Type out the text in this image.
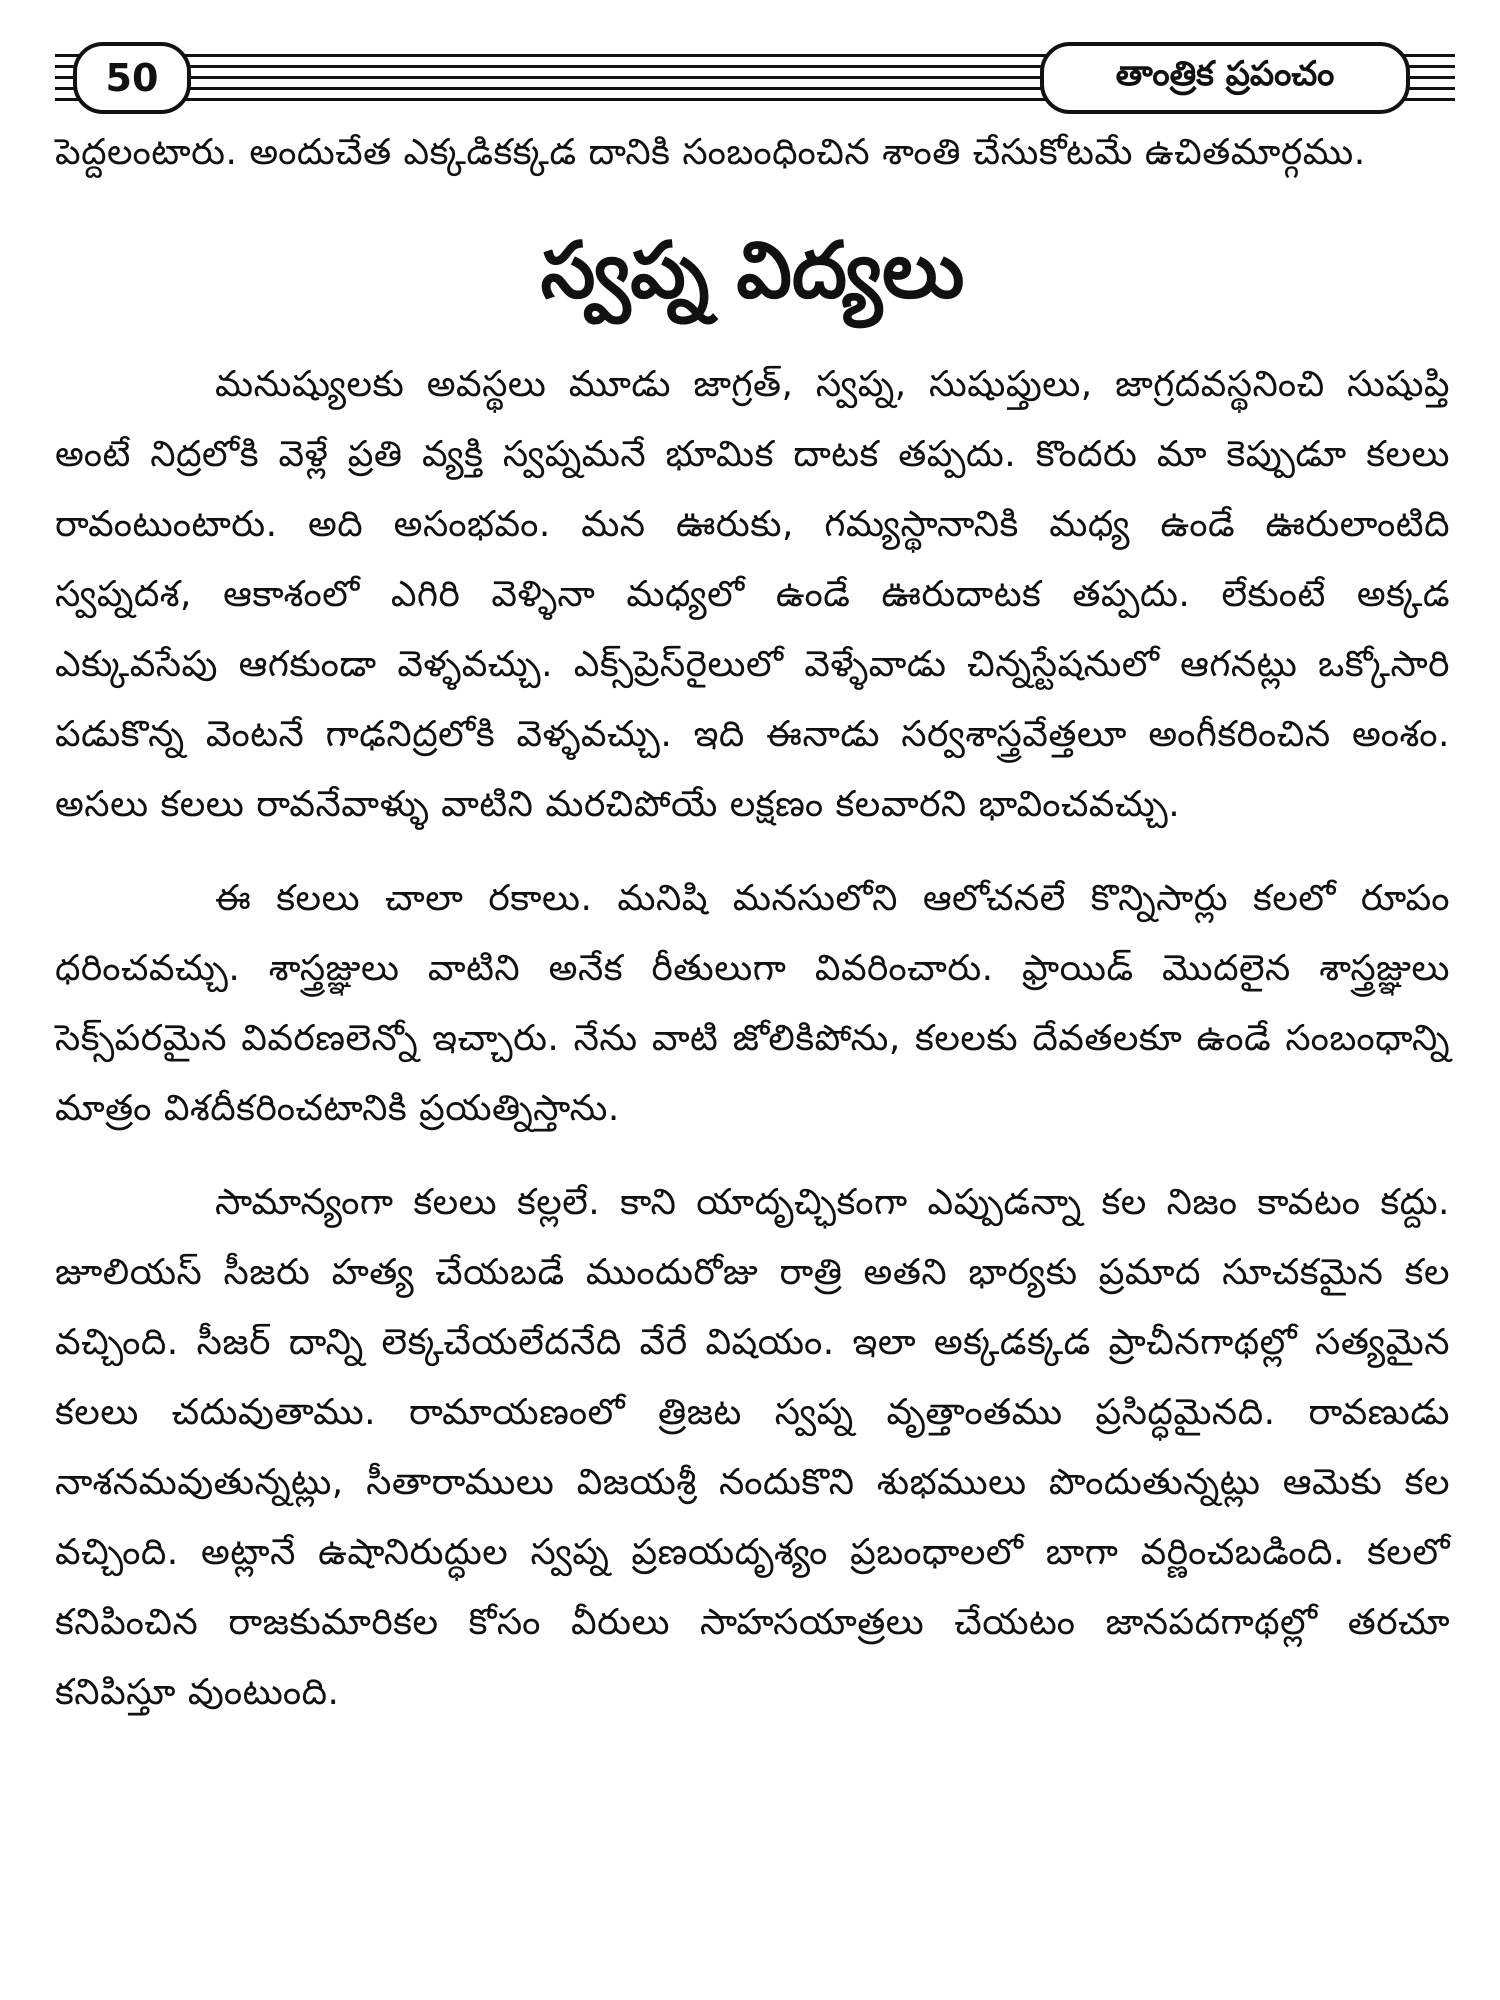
50	తాంత్రిక ప్రపంచం

పెద్దలంటారు. అందుచేత ఎక్కడికక్కడ దానికి సంబంధించిన శాంతి చేసుకోటమే ఉచితమార్గము.

స్వప్న విద్యలు

మనుష్యులకు అవస్థలు మూడు జాగ్రత్, స్వప్న, సుషుప్తులు, జాగ్రదవస్థనించి సుషుప్తి అంటే నిద్రలోకి వెళ్లే ప్రతి వ్యక్తి స్వప్నమనే భూమిక దాటక తప్పదు. కొందరు మా కెప్పుడూ కలలు రావంటుంటారు. అది అసంభవం. మన ఊరుకు, గమ్యస్థానానికి మధ్య ఉండే ఊరులాంటిది స్వప్నదశ, ఆకాశంలో ఎగిరి వెళ్ళినా మధ్యలో ఉండే ఊరుదాటక తప్పదు. లేకుంటే అక్కడ ఎక్కువసేపు ఆగకుండా వెళ్ళవచ్చు. ఎక్స్‌ప్రెస్‌రైలులో వెళ్ళేవాడు చిన్నస్టేషనులో ఆగనట్లు ఒక్కోసారి పడుకొన్న వెంటనే గాఢనిద్రలోకి వెళ్ళవచ్చు. ఇది ఈనాడు సర్వశాస్త్రవేత్తలూ అంగీకరించిన అంశం. అసలు కలలు రావనేవాళ్ళు వాటిని మరచిపోయే లక్షణం కలవారని భావించవచ్చు.

ఈ కలలు చాలా రకాలు. మనిషి మనసులోని ఆలోచనలే కొన్నిసార్లు కలలో రూపం ధరించవచ్చు. శాస్త్రజ్ఞులు వాటిని అనేక రీతులుగా వివరించారు. ఫ్రాయిడ్ మొదలైన శాస్త్రజ్ఞులు సెక్స్‌పరమైన వివరణలెన్నో ఇచ్చారు. నేను వాటి జోలికిపోను, కలలకు దేవతలకూ ఉండే సంబంధాన్ని మాత్రం విశదీకరించటానికి ప్రయత్నిస్తాను.

సామాన్యంగా కలలు కల్లలే. కాని యాదృచ్ఛికంగా ఎప్పుడన్నా కల నిజం కావటం కద్దు. జూలియస్ సీజరు హత్య చేయబడే ముందురోజు రాత్రి అతని భార్యకు ప్రమాద సూచకమైన కల వచ్చింది. సీజర్ దాన్ని లెక్కచేయలేదనేది వేరే విషయం. ఇలా అక్కడక్కడ ప్రాచీనగాథల్లో సత్యమైన కలలు చదువుతాము. రామాయణంలో త్రిజట స్వప్న వృత్తాంతము ప్రసిద్ధమైనది. రావణుడు నాశనమవుతున్నట్లు, సీతారాములు విజయశ్రీ నందుకొని శుభములు పొందుతున్నట్లు ఆమెకు కల వచ్చింది. అట్లానే ఉషానిరుద్ధుల స్వప్న ప్రణయదృశ్యం ప్రబంధాలలో బాగా వర్ణించబడింది. కలలో కనిపించిన రాజకుమారికల కోసం వీరులు సాహసయాత్రలు చేయటం జానపదగాథల్లో తరచూ కనిపిస్తూ వుంటుంది.
